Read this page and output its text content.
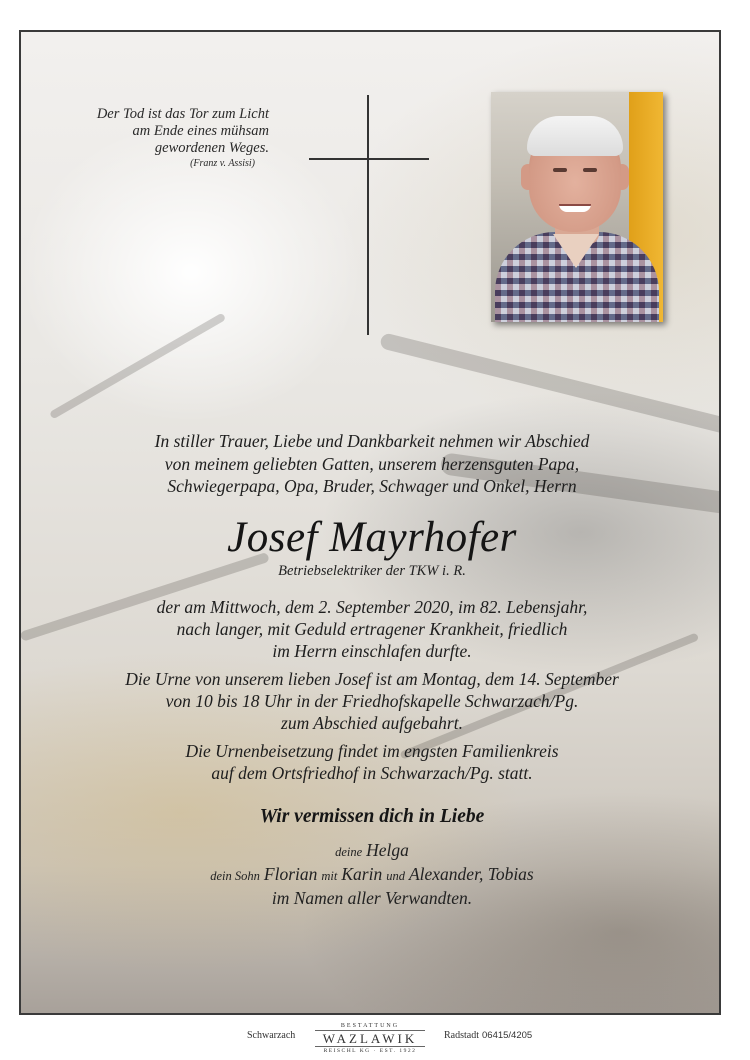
Der Tod ist das Tor zum Licht
am Ende eines mühsam
gewordenen Weges.
(Franz v. Assisi)
In stiller Trauer, Liebe und Dankbarkeit nehmen wir Abschied
von meinem geliebten Gatten, unserem herzensguten Papa,
Schwiegerpapa, Opa, Bruder, Schwager und Onkel, Herrn
Josef Mayrhofer
Betriebselektriker der TKW i. R.
der am Mittwoch, dem 2. September 2020, im 82. Lebensjahr,
nach langer, mit Geduld ertragener Krankheit, friedlich
im Herrn einschlafen durfte.
Die Urne von unserem lieben Josef ist am Montag, dem 14. September
von 10 bis 18 Uhr in der Friedhofskapelle Schwarzach/Pg.
zum Abschied aufgebahrt.
Die Urnenbeisetzung findet im engsten Familienkreis
auf dem Ortsfriedhof in Schwarzach/Pg. statt.
Wir vermissen dich in Liebe
deine Helga
dein Sohn Florian mit Karin und Alexander, Tobias
im Namen aller Verwandten.
Schwarzach
BESTATTUNG
WAZLAWIK
REISCHL KG · EST. 1922
Radstadt 06415/4205
